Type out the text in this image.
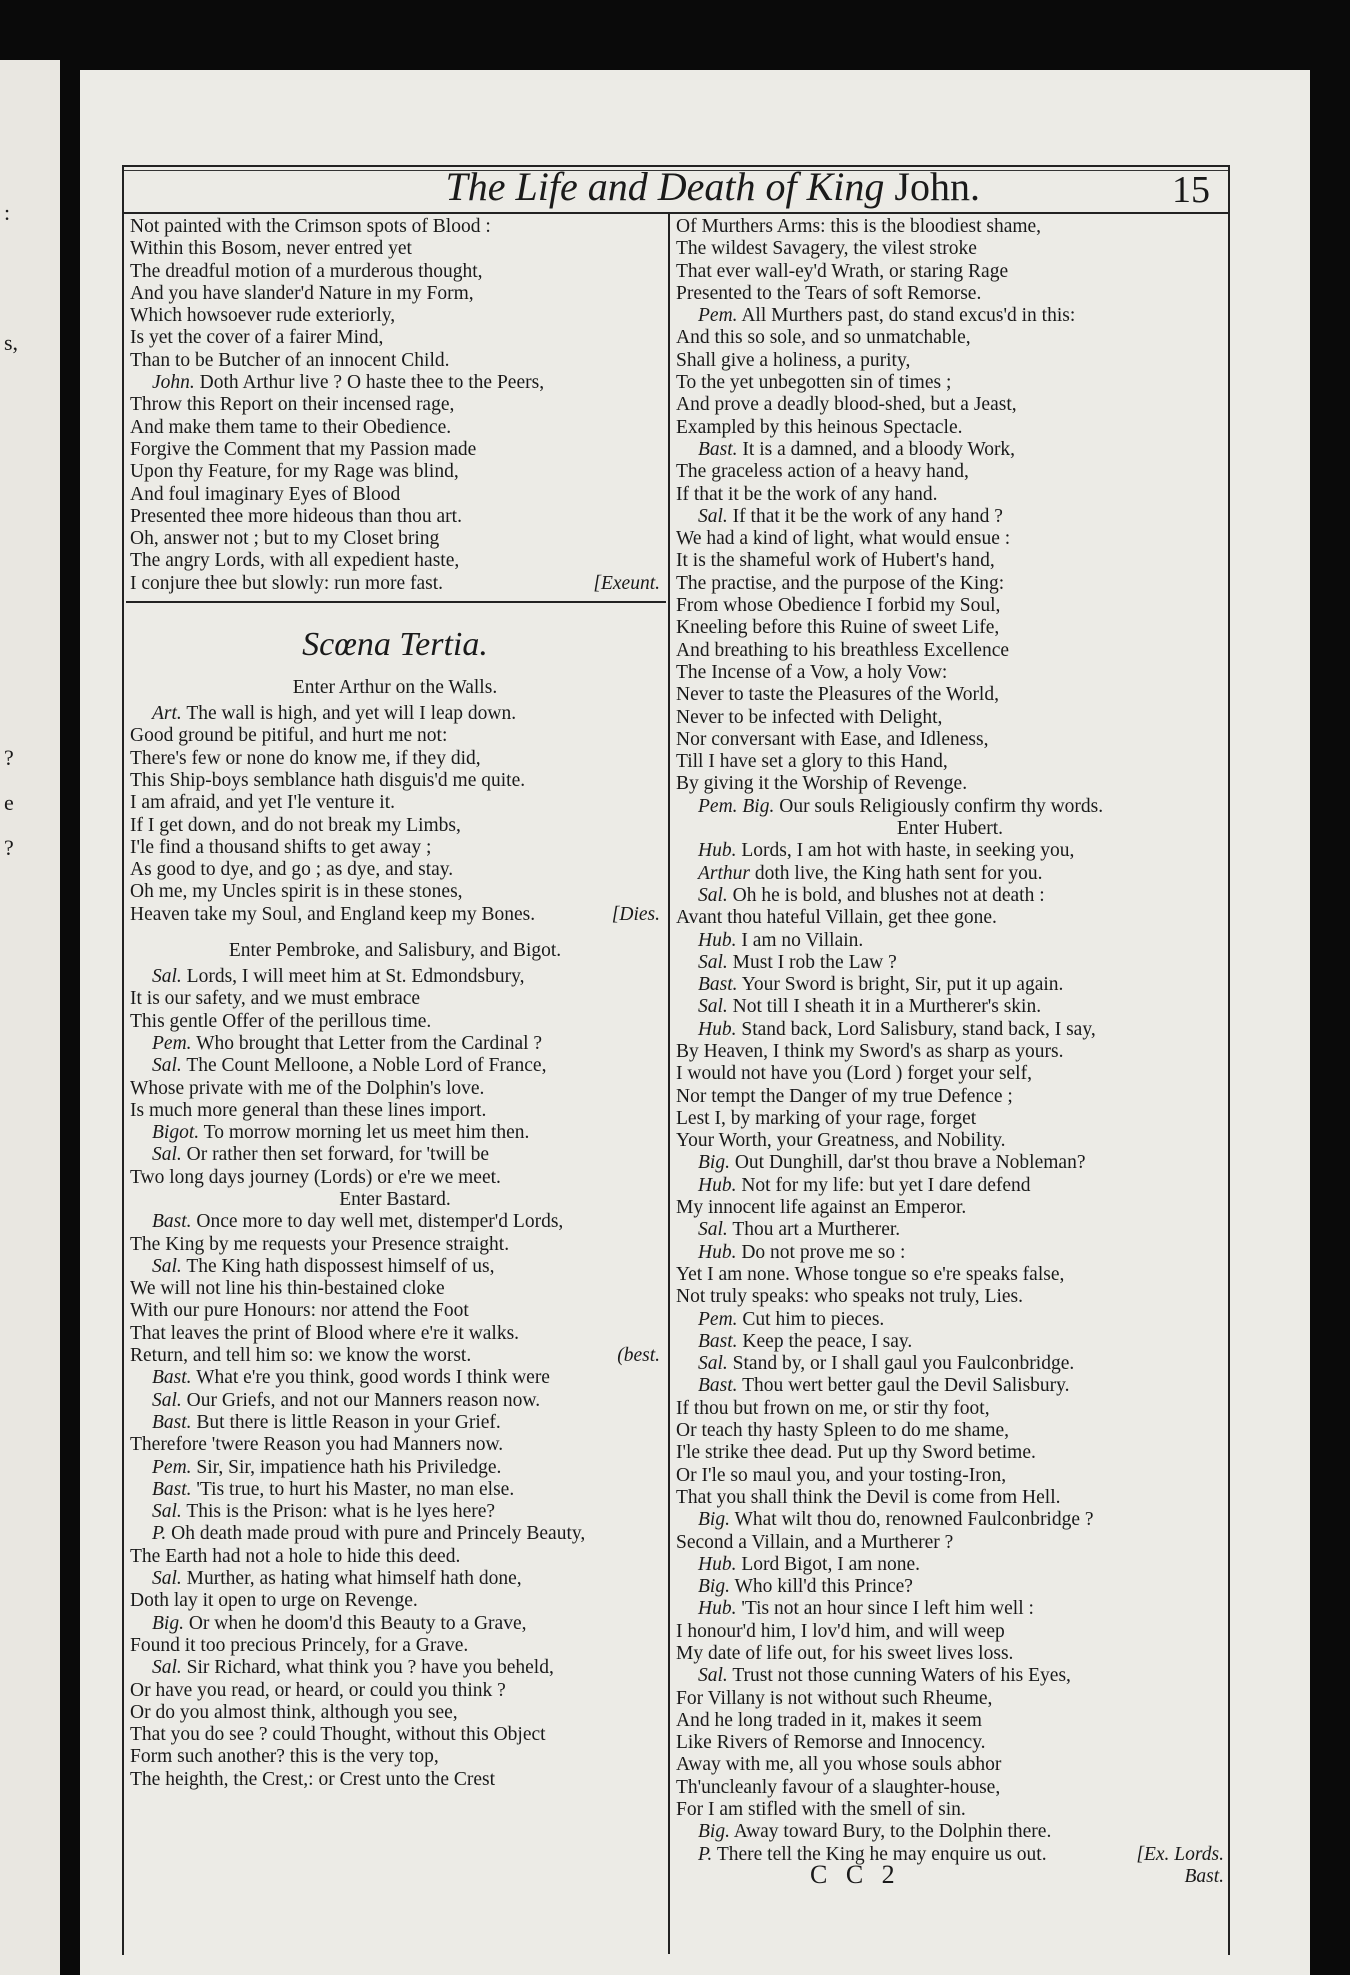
:
s,
?
e
?
The Life and Death of King John.	15
Not painted with the Crimson spots of Blood :
Within this Bosom, never entred yet
The dreadful motion of a murderous thought,
And you have slander'd Nature in my Form,
Which howsoever rude exteriorly,
Is yet the cover of a fairer Mind,
Than to be Butcher of an innocent Child.
John. Doth Arthur live ? O haste thee to the Peers,
Throw this Report on their incensed rage,
And make them tame to their Obedience.
Forgive the Comment that my Passion made
Upon thy Feature, for my Rage was blind,
And foul imaginary Eyes of Blood
Presented thee more hideous than thou art.
Oh, answer not ; but to my Closet bring
The angry Lords, with all expedient haste,
[Exeunt.
I conjure thee but slowly: run more fast.
Scœna Tertia.
Enter Arthur on the Walls.
Art. The wall is high, and yet will I leap down.
Good ground be pitiful, and hurt me not:
There's few or none do know me, if they did,
This Ship-boys semblance hath disguis'd me quite.
I am afraid, and yet I'le venture it.
If I get down, and do not break my Limbs,
I'le find a thousand shifts to get away ;
As good to dye, and go ; as dye, and stay.
Oh me, my Uncles spirit is in these stones,
[Dies.
Heaven take my Soul, and England keep my Bones.
Enter Pembroke, and Salisbury, and Bigot.
Sal. Lords, I will meet him at St. Edmondsbury,
It is our safety, and we must embrace
This gentle Offer of the perillous time.
Pem. Who brought that Letter from the Cardinal ?
Sal. The Count Melloone, a Noble Lord of France,
Whose private with me of the Dolphin's love.
Is much more general than these lines import.
Bigot. To morrow morning let us meet him then.
Sal. Or rather then set forward, for 'twill be
Two long days journey (Lords) or e're we meet.
Enter Bastard.
Bast. Once more to day well met, distemper'd Lords,
The King by me requests your Presence straight.
Sal. The King hath dispossest himself of us,
We will not line his thin-bestained cloke
With our pure Honours: nor attend the Foot
That leaves the print of Blood where e're it walks.
(best.
Return, and tell him so: we know the worst.
Bast. What e're you think, good words I think were
Sal. Our Griefs, and not our Manners reason now.
Bast. But there is little Reason in your Grief.
Therefore 'twere Reason you had Manners now.
Pem. Sir, Sir, impatience hath his Priviledge.
Bast. 'Tis true, to hurt his Master, no man else.
Sal. This is the Prison: what is he lyes here?
P. Oh death made proud with pure and Princely Beauty,
The Earth had not a hole to hide this deed.
Sal. Murther, as hating what himself hath done,
Doth lay it open to urge on Revenge.
Big. Or when he doom'd this Beauty to a Grave,
Found it too precious Princely, for a Grave.
Sal. Sir Richard, what think you ? have you beheld,
Or have you read, or heard, or could you think ?
Or do you almost think, although you see,
That you do see ? could Thought, without this Object
Form such another? this is the very top,
The heighth, the Crest,: or Crest unto the Crest
Of Murthers Arms: this is the bloodiest shame,
The wildest Savagery, the vilest stroke
That ever wall-ey'd Wrath, or staring Rage
Presented to the Tears of soft Remorse.
Pem. All Murthers past, do stand excus'd in this:
And this so sole, and so unmatchable,
Shall give a holiness, a purity,
To the yet unbegotten sin of times ;
And prove a deadly blood-shed, but a Jeast,
Exampled by this heinous Spectacle.
Bast. It is a damned, and a bloody Work,
The graceless action of a heavy hand,
If that it be the work of any hand.
Sal. If that it be the work of any hand ?
We had a kind of light, what would ensue :
It is the shameful work of Hubert's hand,
The practise, and the purpose of the King:
From whose Obedience I forbid my Soul,
Kneeling before this Ruine of sweet Life,
And breathing to his breathless Excellence
The Incense of a Vow, a holy Vow:
Never to taste the Pleasures of the World,
Never to be infected with Delight,
Nor conversant with Ease, and Idleness,
Till I have set a glory to this Hand,
By giving it the Worship of Revenge.
Pem. Big. Our souls Religiously confirm thy words.
Enter Hubert.
Hub. Lords, I am hot with haste, in seeking you,
Arthur doth live, the King hath sent for you.
Sal. Oh he is bold, and blushes not at death :
Avant thou hateful Villain, get thee gone.
Hub. I am no Villain.
Sal. Must I rob the Law ?
Bast. Your Sword is bright, Sir, put it up again.
Sal. Not till I sheath it in a Murtherer's skin.
Hub. Stand back, Lord Salisbury, stand back, I say,
By Heaven, I think my Sword's as sharp as yours.
I would not have you (Lord ) forget your self,
Nor tempt the Danger of my true Defence ;
Lest I, by marking of your rage, forget
Your Worth, your Greatness, and Nobility.
Big. Out Dunghill, dar'st thou brave a Nobleman?
Hub. Not for my life: but yet I dare defend
My innocent life against an Emperor.
Sal. Thou art a Murtherer.
Hub. Do not prove me so :
Yet I am none. Whose tongue so e're speaks false,
Not truly speaks: who speaks not truly, Lies.
Pem. Cut him to pieces.
Bast. Keep the peace, I say.
Sal. Stand by, or I shall gaul you Faulconbridge.
Bast. Thou wert better gaul the Devil Salisbury.
If thou but frown on me, or stir thy foot,
Or teach thy hasty Spleen to do me shame,
I'le strike thee dead. Put up thy Sword betime.
Or I'le so maul you, and your tosting-Iron,
That you shall think the Devil is come from Hell.
Big. What wilt thou do, renowned Faulconbridge ?
Second a Villain, and a Murtherer ?
Hub. Lord Bigot, I am none.
Big. Who kill'd this Prince?
Hub. 'Tis not an hour since I left him well :
I honour'd him, I lov'd him, and will weep
My date of life out, for his sweet lives loss.
Sal. Trust not those cunning Waters of his Eyes,
For Villany is not without such Rheume,
And he long traded in it, makes it seem
Like Rivers of Remorse and Innocency.
Away with me, all you whose souls abhor
Th'uncleanly favour of a slaughter-house,
For I am stifled with the smell of sin.
Big. Away toward Bury, to the Dolphin there.
[Ex. Lords.
P. There tell the King he may enquire us out.
Bast.
C C 2
